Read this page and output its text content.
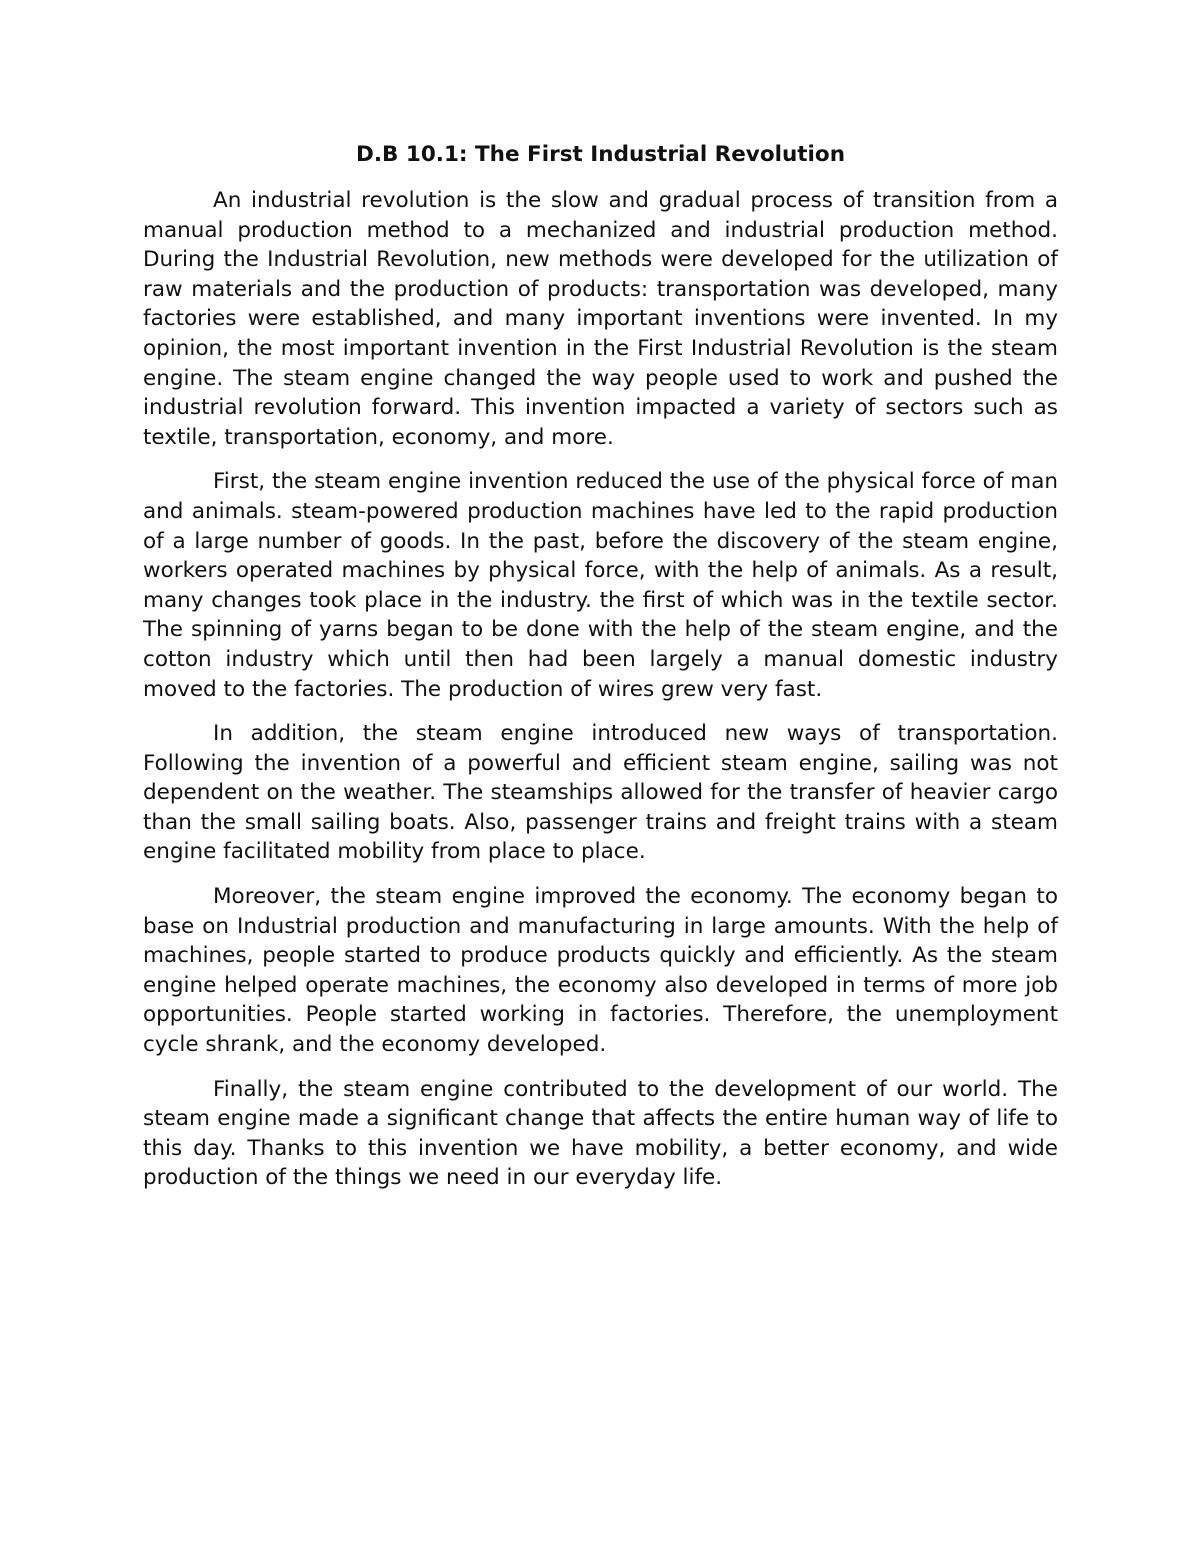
D.B 10.1: The First Industrial Revolution

An industrial revolution is the slow and gradual process of transition from a manual production method to a mechanized and industrial production method. During the Industrial Revolution, new methods were developed for the utilization of raw materials and the production of products: transportation was developed, many factories were established, and many important inventions were invented. In my opinion, the most important invention in the First Industrial Revolution is the steam engine. The steam engine changed the way people used to work and pushed the industrial revolution forward. This invention impacted a variety of sectors such as textile, transportation, economy, and more.

First, the steam engine invention reduced the use of the physical force of man and animals. steam-powered production machines have led to the rapid production of a large number of goods. In the past, before the discovery of the steam engine, workers operated machines by physical force, with the help of animals. As a result, many changes took place in the industry. the first of which was in the textile sector. The spinning of yarns began to be done with the help of the steam engine, and the cotton industry which until then had been largely a manual domestic industry moved to the factories. The production of wires grew very fast.

In addition, the steam engine introduced new ways of transportation. Following the invention of a powerful and efficient steam engine, sailing was not dependent on the weather. The steamships allowed for the transfer of heavier cargo than the small sailing boats. Also, passenger trains and freight trains with a steam engine facilitated mobility from place to place.

Moreover, the steam engine improved the economy. The economy began to base on Industrial production and manufacturing in large amounts. With the help of machines, people started to produce products quickly and efficiently. As the steam engine helped operate machines, the economy also developed in terms of more job opportunities. People started working in factories. Therefore, the unemployment cycle shrank, and the economy developed.

Finally, the steam engine contributed to the development of our world. The steam engine made a significant change that affects the entire human way of life to this day. Thanks to this invention we have mobility, a better economy, and wide production of the things we need in our everyday life.
